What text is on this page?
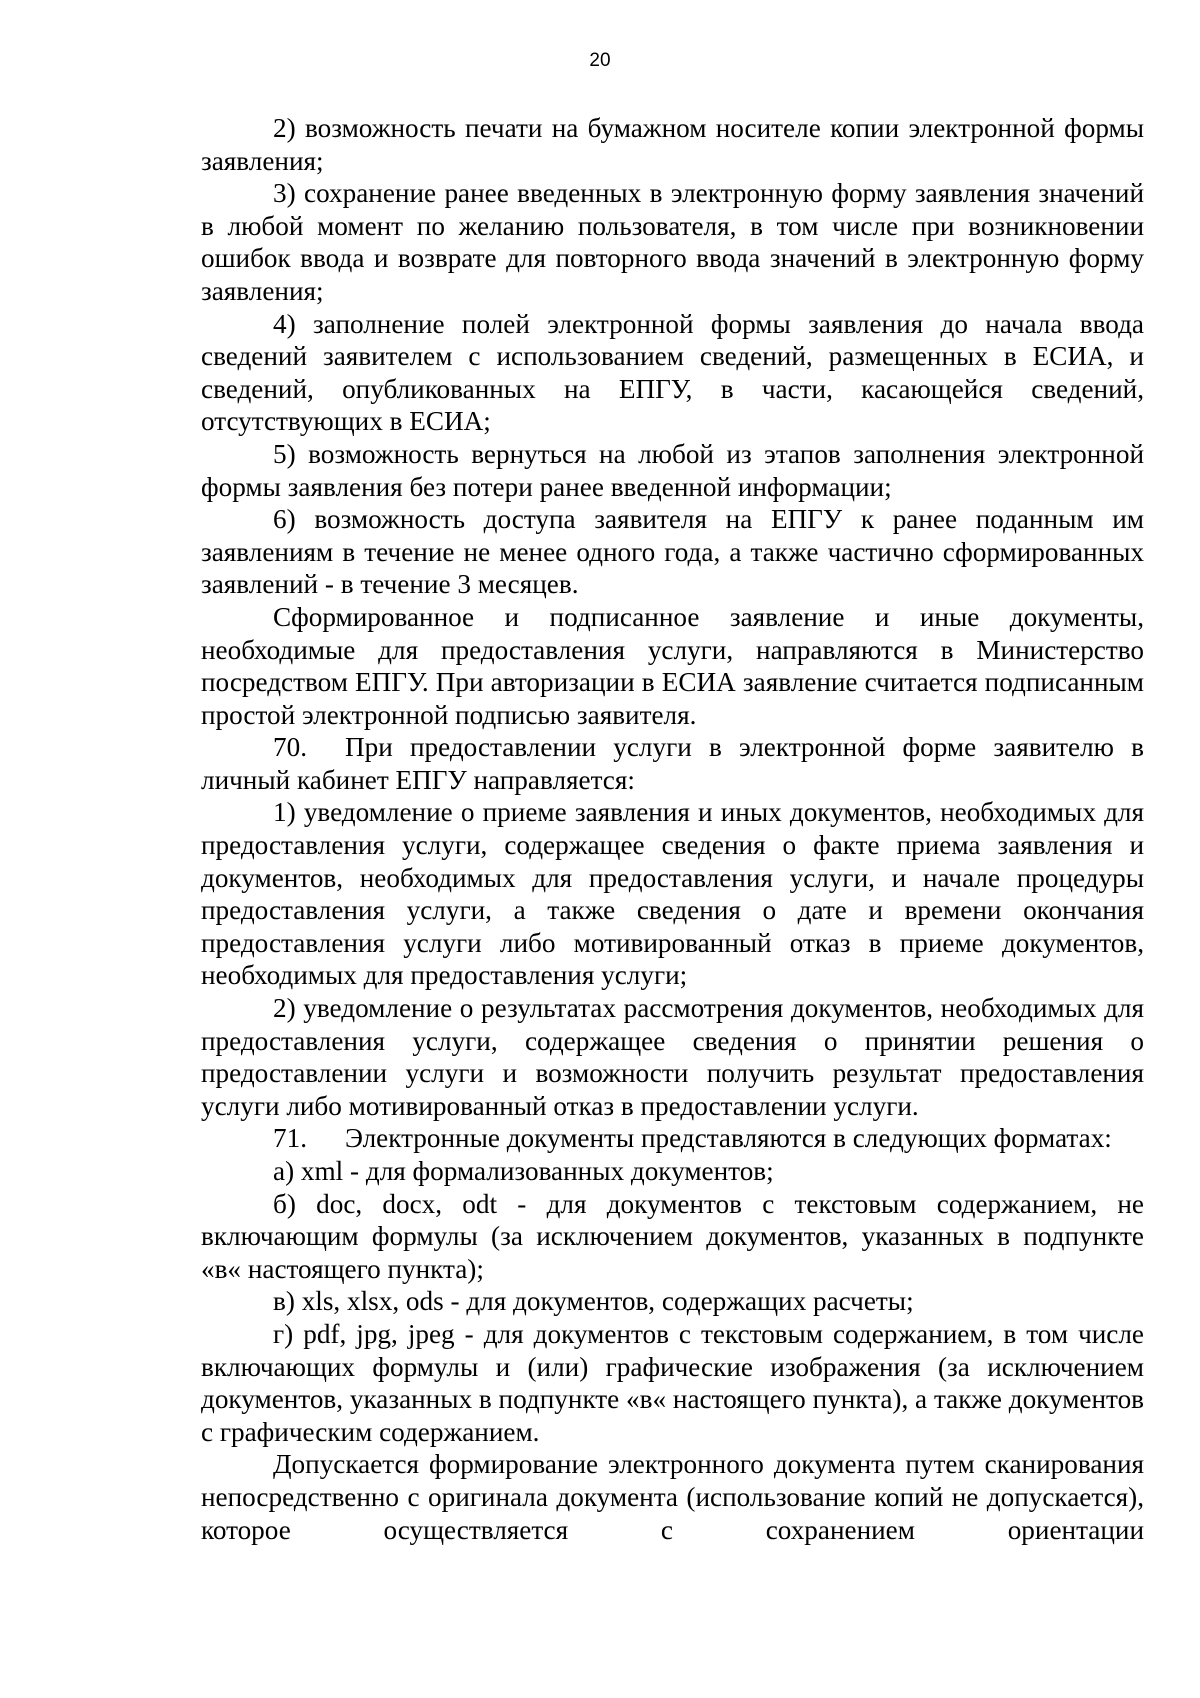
20

2) возможность печати на бумажном носителе копии электронной формы заявления;

3) сохранение ранее введенных в электронную форму заявления значений в любой момент по желанию пользователя, в том числе при возникновении ошибок ввода и возврате для повторного ввода значений в электронную форму заявления;

4) заполнение полей электронной формы заявления до начала ввода сведений заявителем с использованием сведений, размещенных в ЕСИА, и сведений, опубликованных на ЕПГУ, в части, касающейся сведений, отсутствующих в ЕСИА;

5) возможность вернуться на любой из этапов заполнения электронной формы заявления без потери ранее введенной информации;

6) возможность доступа заявителя на ЕПГУ к ранее поданным им заявлениям в течение не менее одного года, а также частично сформированных заявлений - в течение 3 месяцев.

Сформированное и подписанное заявление и иные документы, необходимые для предоставления услуги, направляются в Министерство посредством ЕПГУ. При авторизации в ЕСИА заявление считается подписанным простой электронной подписью заявителя.

70. При предоставлении услуги в электронной форме заявителю в личный кабинет ЕПГУ направляется:

1) уведомление о приеме заявления и иных документов, необходимых для предоставления услуги, содержащее сведения о факте приема заявления и документов, необходимых для предоставления услуги, и начале процедуры предоставления услуги, а также сведения о дате и времени окончания предоставления услуги либо мотивированный отказ в приеме документов, необходимых для предоставления услуги;

2) уведомление о результатах рассмотрения документов, необходимых для предоставления услуги, содержащее сведения о принятии решения о предоставлении услуги и возможности получить результат предоставления услуги либо мотивированный отказ в предоставлении услуги.

71. Электронные документы представляются в следующих форматах:

а) xml - для формализованных документов;

б) doc, docx, odt - для документов с текстовым содержанием, не включающим формулы (за исключением документов, указанных в подпункте «в« настоящего пункта);

в) xls, xlsx, ods - для документов, содержащих расчеты;

г) pdf, jpg, jpeg - для документов с текстовым содержанием, в том числе включающих формулы и (или) графические изображения (за исключением документов, указанных в подпункте «в« настоящего пункта), а также документов с графическим содержанием.

Допускается формирование электронного документа путем сканирования непосредственно с оригинала документа (использование копий не допускается), которое осуществляется с сохранением ориентации
